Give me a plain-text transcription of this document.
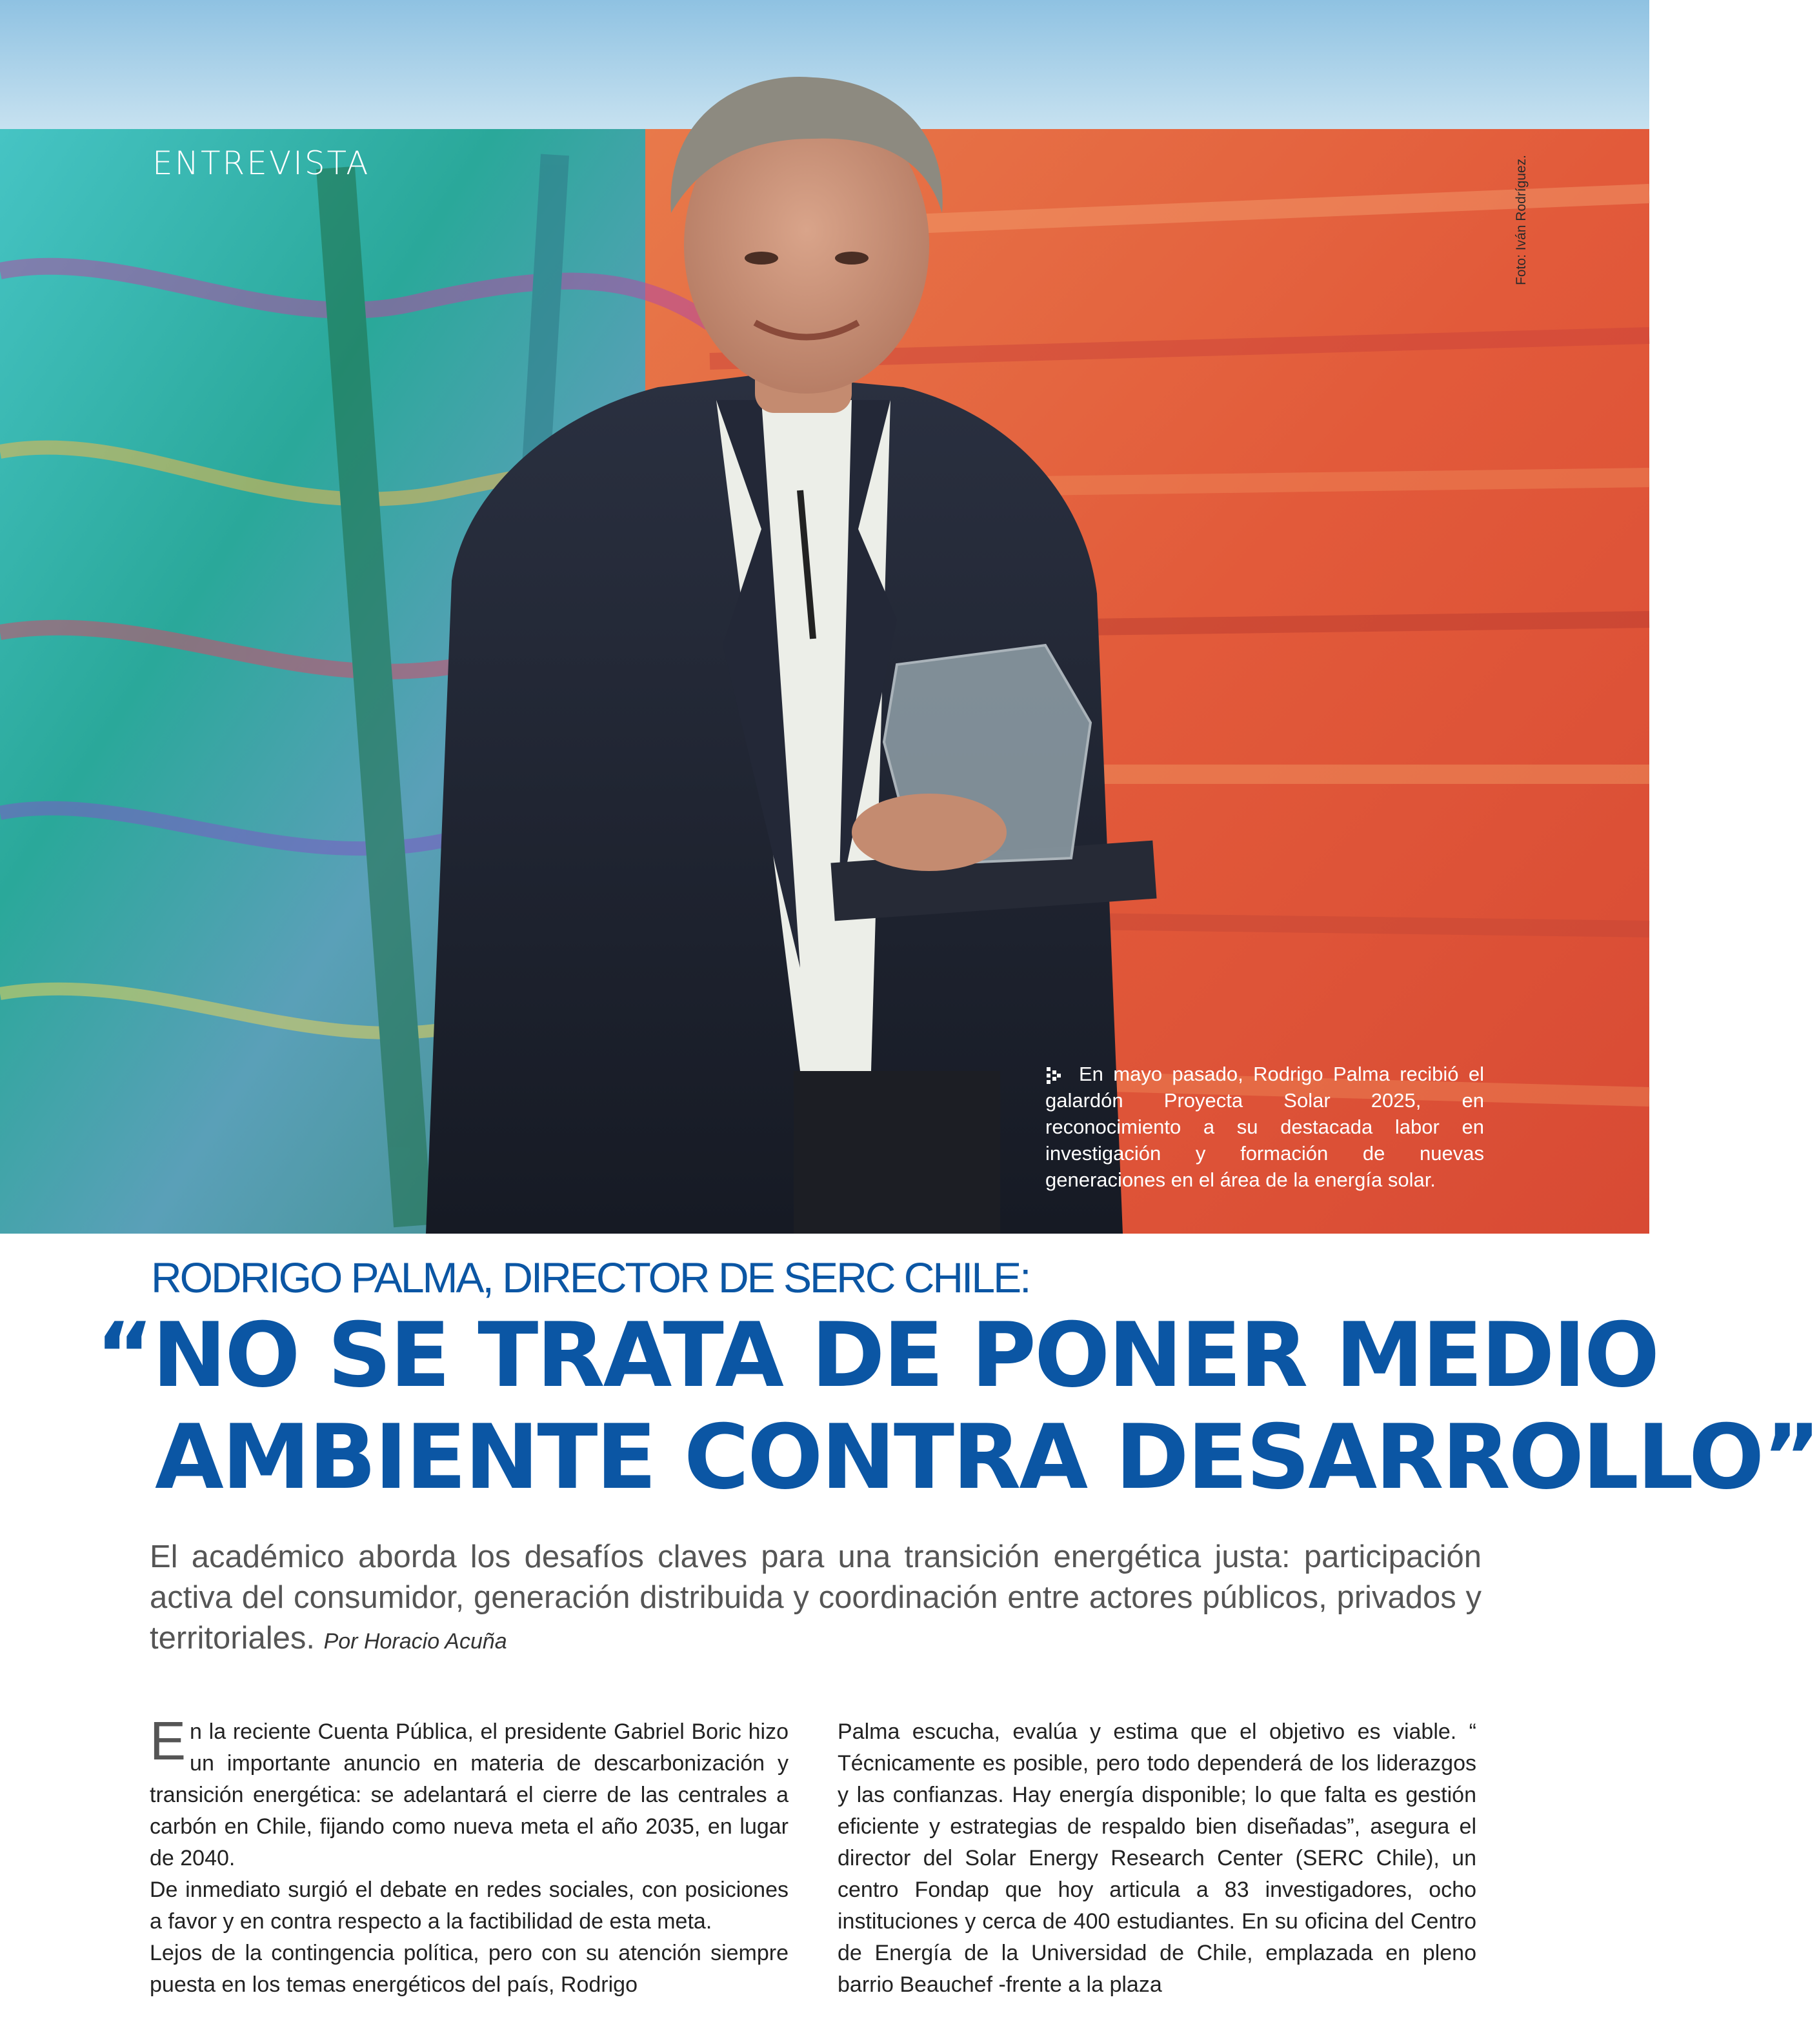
ENTREVISTA	Foto: Iván Rodríguez.
En mayo pasado, Rodrigo Palma recibió el galardón Proyecta Solar 2025, en reconocimiento a su destacada labor en investigación y formación de nuevas generaciones en el área de la energía solar.
RODRIGO PALMA, DIRECTOR DE SERC CHILE:
“NO SE TRATA DE PONER MEDIO
AMBIENTE CONTRA DESARROLLO”

El académico aborda los desafíos claves para una transición energética justa: participación activa del consumidor, generación distribuida y coordinación entre actores públicos, privados y territoriales. Por Horacio Acuña

En la reciente Cuenta Pública, el presidente Gabriel Boric hizo un importante anuncio en materia de descarbonización y transición energética: se adelantará el cierre de las centrales a carbón en Chile, fijando como nueva meta el año 2035, en lugar de 2040.

De inmediato surgió el debate en redes sociales, con posiciones a favor y en contra respecto a la factibilidad de esta meta.

Lejos de la contingencia política, pero con su atención siempre puesta en los temas energéticos del país, Rodrigo

Palma escucha, evalúa y estima que el objetivo es viable. “ Técnicamente es posible, pero todo dependerá de los liderazgos y las confianzas. Hay energía disponible; lo que falta es gestión eficiente y estrategias de respaldo bien diseñadas”, asegura el director del Solar Energy Research Center (SERC Chile), un centro Fondap que hoy articula a 83 investigadores, ocho instituciones y cerca de 400 estudiantes. En su oficina del Centro de Energía de la Universidad de Chile, emplazada en pleno barrio Beauchef -frente a la plaza
